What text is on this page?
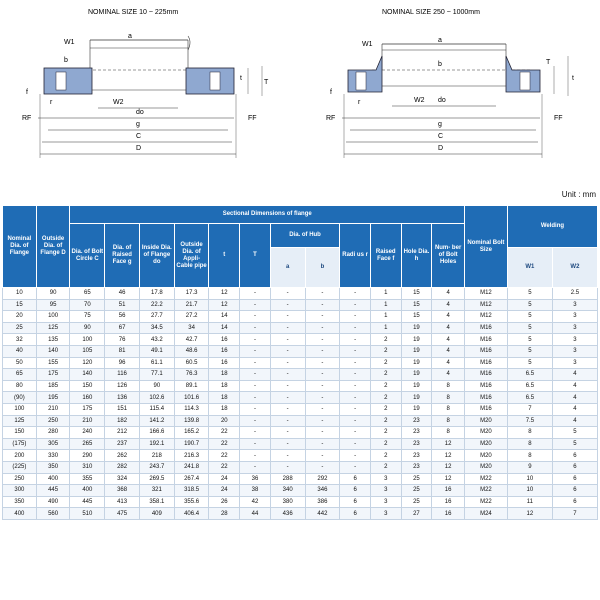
NOMINAL SIZE 10 ~ 225mm
W1
a
b
t
T
W2
do
r
f
g
C
D
RF	FF
NOMINAL SIZE 250 ~ 1000mm
W1
a
b	T
t
W2 do
f
r
g
C
D
RF	FF
Unit : mm
Nominal Dia. of Flange	Outside Dia. of Flange D	Sectional Dimensions of flange												Nominal Bolt Size	Welding	
		Dia. of Bolt Circle C	Dia. of Raised Face g	Inside Dia. of Flange do	Outside Dia. of Appli- Cable pipe	t	T	Dia. of Hub		Radi us r	Raised Face f	Hole Dia. h	Num- ber of Bolt Holes			
								a	b						W1	W2
10	90	65	46	17.8	17.3	12	-	-	-	-	1	15	4	M12	5	2.5
15	95	70	51	22.2	21.7	12	-	-	-	-	1	15	4	M12	5	3
20	100	75	56	27.7	27.2	14	-	-	-	-	1	15	4	M12	5	3
25	125	90	67	34.5	34	14	-	-	-	-	1	19	4	M16	5	3
32	135	100	76	43.2	42.7	16	-	-	-	-	2	19	4	M16	5	3
40	140	105	81	49.1	48.6	16	-	-	-	-	2	19	4	M16	5	3
50	155	120	96	61.1	60.5	16	-	-	-	-	2	19	4	M16	5	3
65	175	140	116	77.1	76.3	18	-	-	-	-	2	19	4	M16	6.5	4
80	185	150	126	90	89.1	18	-	-	-	-	2	19	8	M16	6.5	4
(90)	195	160	136	102.6	101.6	18	-	-	-	-	2	19	8	M16	6.5	4
100	210	175	151	115.4	114.3	18	-	-	-	-	2	19	8	M16	7	4
125	250	210	182	141.2	139.8	20	-	-	-	-	2	23	8	M20	7.5	4
150	280	240	212	166.6	165.2	22	-	-	-	-	2	23	8	M20	8	5
(175)	305	265	237	192.1	190.7	22	-	-	-	-	2	23	12	M20	8	5
200	330	290	262	218	216.3	22	-	-	-	-	2	23	12	M20	8	6
(225)	350	310	282	243.7	241.8	22	-	-	-	-	2	23	12	M20	9	6
250	400	355	324	269.5	267.4	24	36	288	292	6	3	25	12	M22	10	6
300	445	400	368	321	318.5	24	38	340	346	6	3	25	16	M22	10	6
350	490	445	413	358.1	355.6	26	42	380	386	6	3	25	16	M22	11	6
400	560	510	475	409	406.4	28	44	436	442	6	3	27	16	M24	12	7
